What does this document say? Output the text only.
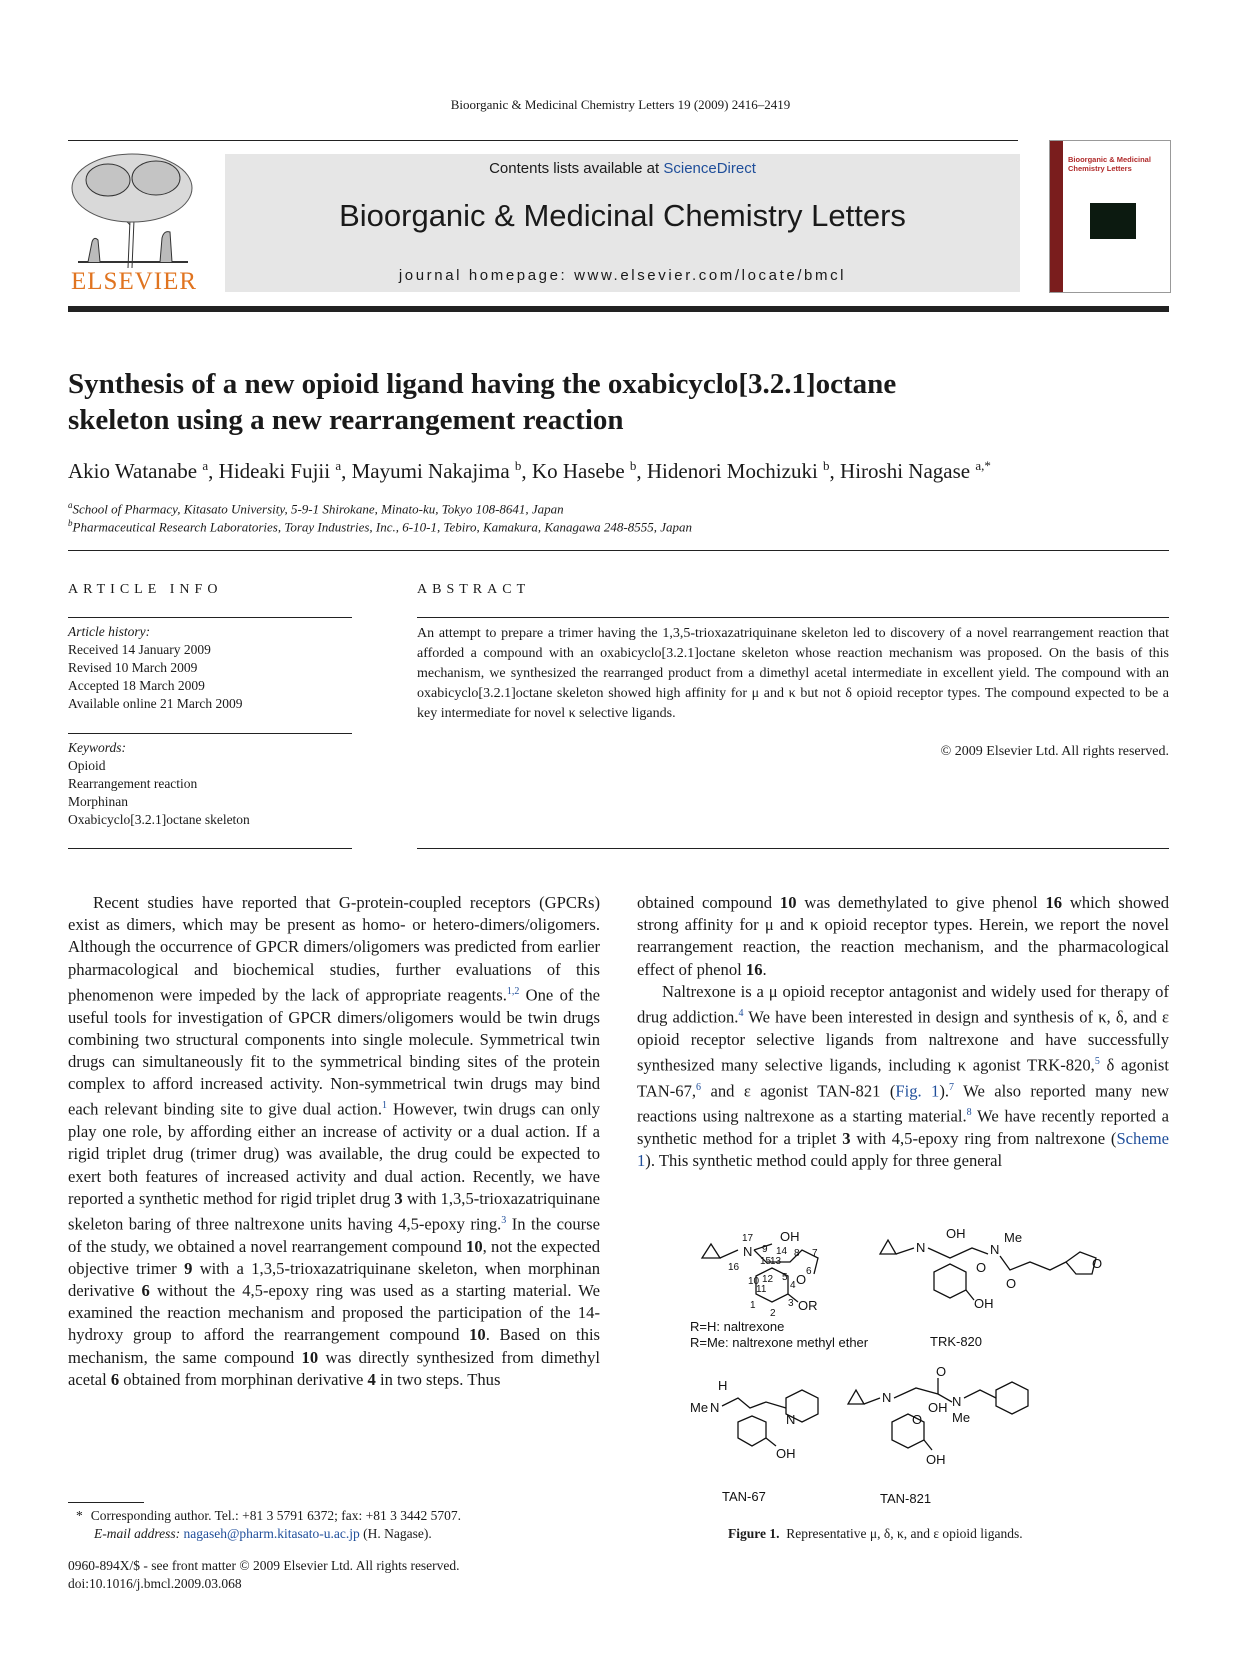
Bioorganic & Medicinal Chemistry Letters 19 (2009) 2416–2419
ELSEVIER
Contents lists available at ScienceDirect
Bioorganic & Medicinal Chemistry Letters
journal homepage: www.elsevier.com/locate/bmcl
Bioorganic & Medicinal
Chemistry Letters
Synthesis of a new opioid ligand having the oxabicyclo[3.2.1]octane
skeleton using a new rearrangement reaction
Akio Watanabe $^a$, Hideaki Fujii $^a$, Mayumi Nakajima $^b$, Ko Hasebe $^b$, Hidenori Mochizuki $^b$, Hiroshi Nagase $^{a,*}$
$^a$School of Pharmacy, Kitasato University, 5-9-1 Shirokane, Minato-ku, Tokyo 108-8641, Japan
$^b$Pharmaceutical Research Laboratories, Toray Industries, Inc., 6-10-1, Tebiro, Kamakura, Kanagawa 248-8555, Japan
ARTICLE INFO
Article history:
Received 14 January 2009
Revised 10 March 2009
Accepted 18 March 2009
Available online 21 March 2009
Keywords:
Opioid
Rearrangement reaction
Morphinan
Oxabicyclo[3.2.1]octane skeleton
ABSTRACT
An attempt to prepare a trimer having the 1,3,5-trioxazatriquinane skeleton led to discovery of a novel rearrangement reaction that afforded a compound with an oxabicyclo[3.2.1]octane skeleton whose reaction mechanism was proposed. On the basis of this mechanism, we synthesized the rearranged product from a dimethyl acetal intermediate in excellent yield. The compound with an oxabicyclo[3.2.1]octane skeleton showed high affinity for μ and κ but not δ opioid receptor types. The compound expected to be a key intermediate for novel κ selective ligands.
© 2009 Elsevier Ltd. All rights reserved.

Recent studies have reported that G-protein-coupled receptors (GPCRs) exist as dimers, which may be present as homo- or hetero-dimers/oligomers. Although the occurrence of GPCR dimers/oligomers was predicted from earlier pharmacological and biochemical studies, further evaluations of this phenomenon were impeded by the lack of appropriate reagents.$^{1,2}$ One of the useful tools for investigation of GPCR dimers/oligomers would be twin drugs combining two structural components into single molecule. Symmetrical twin drugs can simultaneously fit to the symmetrical binding sites of the protein complex to afford increased activity. Non-symmetrical twin drugs may bind each relevant binding site to give dual action.$^1$ However, twin drugs can only play one role, by affording either an increase of activity or a dual action. If a rigid triplet drug (trimer drug) was available, the drug could be expected to exert both features of increased activity and dual action. Recently, we have reported a synthetic method for rigid triplet drug 3 with 1,3,5-trioxazatriquinane skeleton baring of three naltrexone units having 4,5-epoxy ring.$^3$ In the course of the study, we obtained a novel rearrangement compound 10, not the expected objective trimer 9 with a 1,3,5-trioxazatriquinane skeleton, when morphinan derivative 6 without the 4,5-epoxy ring was used as a starting material. We examined the reaction mechanism and proposed the participation of the 14-hydroxy group to afford the rearrangement compound 10. Based on this mechanism, the same compound 10 was directly synthesized from dimethyl acetal 6 obtained from morphinan derivative 4 in two steps. Thus

obtained compound 10 was demethylated to give phenol 16 which showed strong affinity for μ and κ opioid receptor types. Herein, we report the novel rearrangement reaction, the reaction mechanism, and the pharmacological effect of phenol 16.

Naltrexone is a μ opioid receptor antagonist and widely used for therapy of drug addiction.$^4$ We have been interested in design and synthesis of κ, δ, and ε opioid receptor selective ligands from naltrexone and have successfully synthesized many selective ligands, including κ agonist TRK-820,$^5$ δ agonist TAN-67,$^6$ and ε agonist TAN-821 (Fig. 1).$^7$ We also reported many new reactions using naltrexone as a starting material.$^8$ We have recently reported a synthetic method for a triplet 3 with 4,5-epoxy ring from naltrexone (Scheme 1). This synthetic method could apply for three general

N
17
16
OH
9 14 8 7
15
13
5
6
O
10
11
12
4
1
2
3 OR
R=H: naltrexone
R=Me: naltrexone methyl ether
N
OH
N
Me
O
OH
O
O
TRK-820
H
Me N
N
OH
TAN-67
N
O
N
Me
OH
O
OH
TAN-821
Figure 1. Representative μ, δ, κ, and ε opioid ligands.
* Corresponding author. Tel.: +81 3 5791 6372; fax: +81 3 3442 5707.
E-mail address: nagaseh@pharm.kitasato-u.ac.jp (H. Nagase).
0960-894X/$ - see front matter © 2009 Elsevier Ltd. All rights reserved.
doi:10.1016/j.bmcl.2009.03.068
